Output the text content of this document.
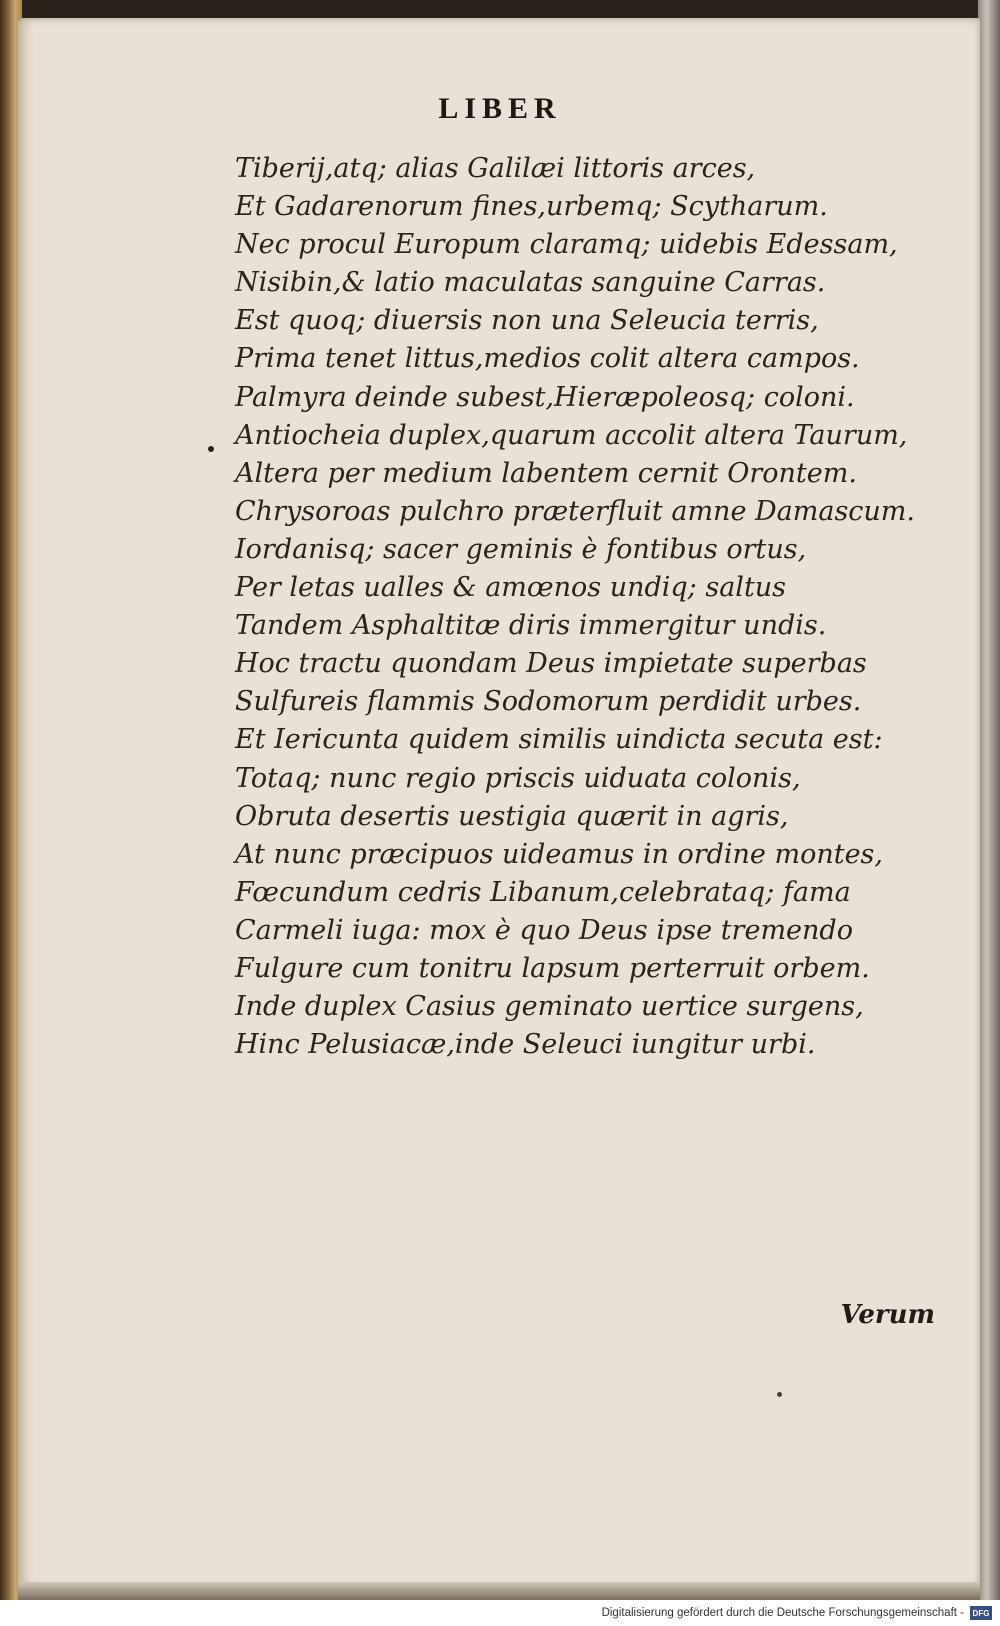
LIBER
Tiberij,atq; alias Galilæi littoris arces,
Et Gadarenorum fines,urbemq; Scytharum.
Nec procul Europum claramq; uidebis Edessam,
Nisibin,& latio maculatas sanguine Carras.
Est quoq; diuersis non una Seleucia terris,
Prima tenet littus,medios colit altera campos.
Palmyra deinde subest,Hieræpoleosq; coloni.
Antiocheia duplex,quarum accolit altera Taurum,
Altera per medium labentem cernit Orontem.
Chrysoroas pulchro præterfluit amne Damascum.
Iordanisq; sacer geminis è fontibus ortus,
Per letas ualles & amœnos undiq; saltus
Tandem Asphaltitæ diris immergitur undis.
Hoc tractu quondam Deus impietate superbas
Sulfureis flammis Sodomorum perdidit urbes.
Et Iericunta quidem similis uindicta secuta est:
Totaq; nunc regio priscis uiduata colonis,
Obruta desertis uestigia quærit in agris,
At nunc præcipuos uideamus in ordine montes,
Fœcundum cedris Libanum,celebrataq; fama
Carmeli iuga: mox è quo Deus ipse tremendo
Fulgure cum tonitru lapsum perterruit orbem.
Inde duplex Casius geminato uertice surgens,
Hinc Pelusiacæ,inde Seleuci iungitur urbi.
Verum
Digitalisierung gefördert durch die Deutsche Forschungsgemeinschaft -	DFG
